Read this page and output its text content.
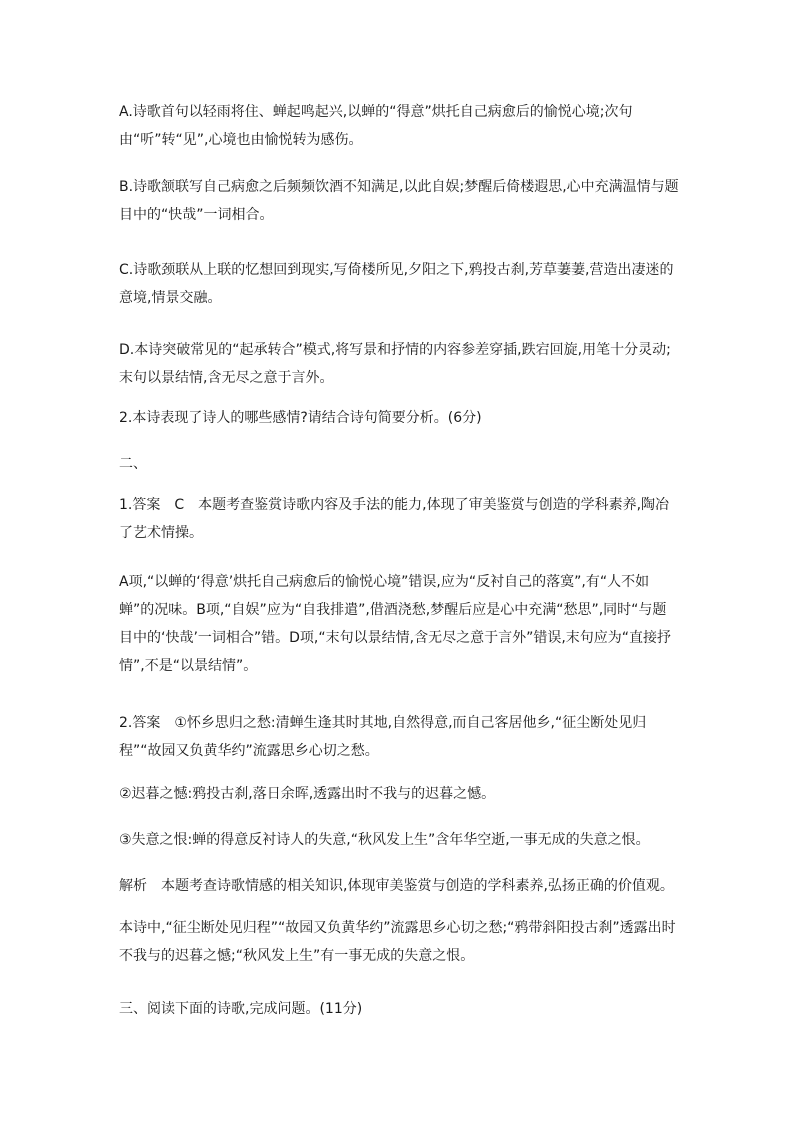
A.诗歌首句以轻雨将住、蝉起鸣起兴,以蝉的“得意”烘托自己病愈后的愉悦心境;次句由“听”转“见”,心境也由愉悦转为感伤。

B.诗歌颔联写自己病愈之后频频饮酒不知满足,以此自娱;梦醒后倚楼遐思,心中充满温情与题目中的“快哉”一词相合。

C.诗歌颈联从上联的忆想回到现实,写倚楼所见,夕阳之下,鸦投古刹,芳草萋萋,营造出凄迷的意境,情景交融。

D.本诗突破常见的“起承转合”模式,将写景和抒情的内容参差穿插,跌宕回旋,用笔十分灵动;末句以景结情,含无尽之意于言外。

2.本诗表现了诗人的哪些感情?请结合诗句简要分析。(6分)

二、

1.答案　C　本题考查鉴赏诗歌内容及手法的能力,体现了审美鉴赏与创造的学科素养,陶冶了艺术情操。

A项,“以蝉的‘得意’烘托自己病愈后的愉悦心境”错误,应为“反衬自己的落寞”,有“人不如蝉”的况味。B项,“自娱”应为“自我排遣”,借酒浇愁,梦醒后应是心中充满“愁思”,同时“与题目中的‘快哉’一词相合”错。D项,“末句以景结情,含无尽之意于言外”错误,末句应为“直接抒情”,不是“以景结情”。

2.答案　①怀乡思归之愁:清蝉生逢其时其地,自然得意,而自己客居他乡,“征尘断处见归程”“故园又负黄华约”流露思乡心切之愁。

②迟暮之憾:鸦投古刹,落日余晖,透露出时不我与的迟暮之憾。

③失意之恨:蝉的得意反衬诗人的失意,“秋风发上生”含年华空逝,一事无成的失意之恨。

解析　本题考查诗歌情感的相关知识,体现审美鉴赏与创造的学科素养,弘扬正确的价值观。

本诗中,“征尘断处见归程”“故园又负黄华约”流露思乡心切之愁;“鸦带斜阳投古刹”透露出时不我与的迟暮之憾;“秋风发上生”有一事无成的失意之恨。

三、阅读下面的诗歌,完成问题。(11分)
